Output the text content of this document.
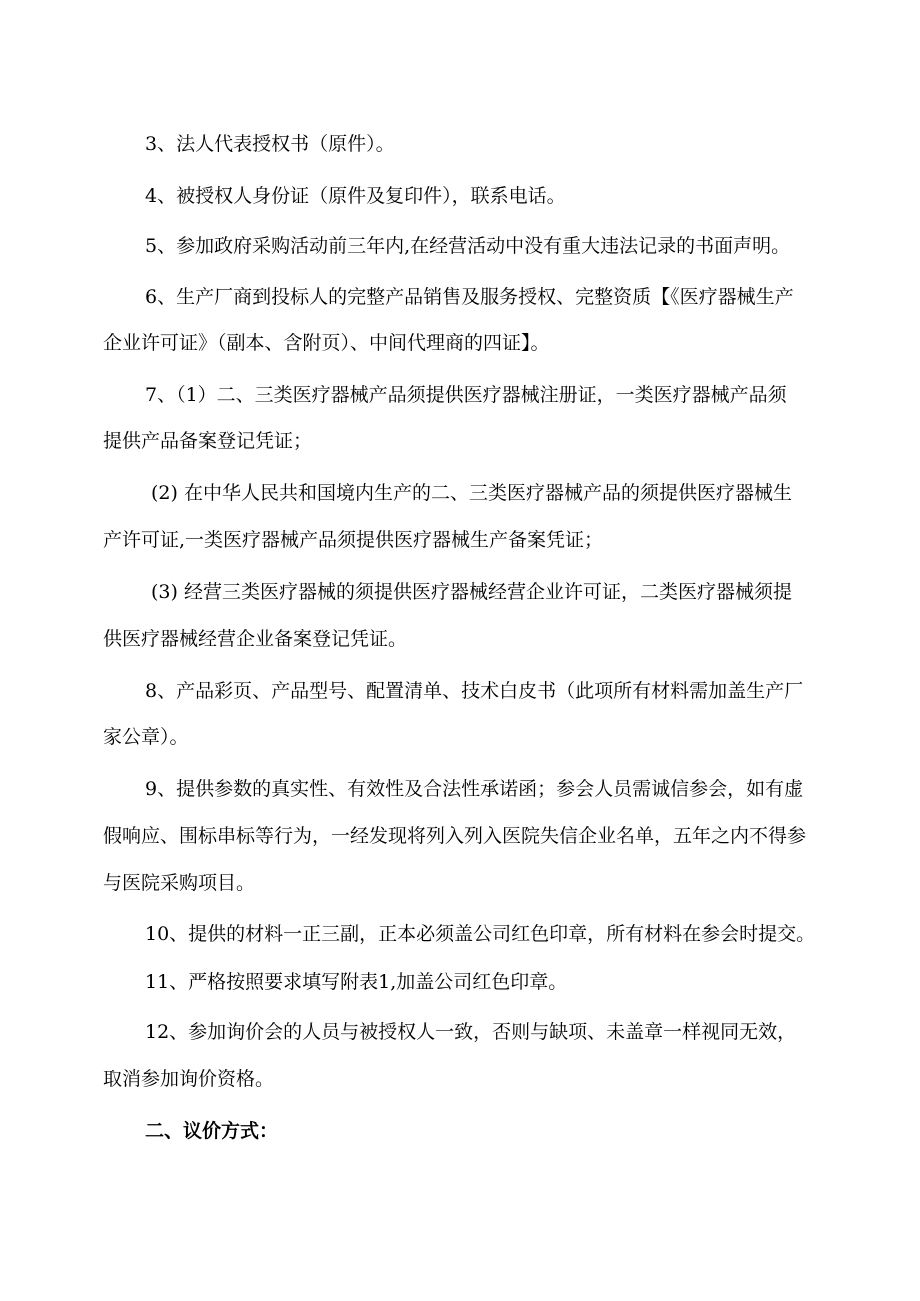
3、法人代表授权书（原件）。
4、被授权人身份证（原件及复印件），联系电话。
5、参加政府采购活动前三年内,在经营活动中没有重大违法记录的书面声明。
6、生产厂商到投标人的完整产品销售及服务授权、完整资质【《医疗器械生产
企业许可证》（副本、含附页）、中间代理商的四证】。
7、（1）二、三类医疗器械产品须提供医疗器械注册证，一类医疗器械产品须
提供产品备案登记凭证；
(2) 在中华人民共和国境内生产的二、三类医疗器械产品的须提供医疗器械生
产许可证,一类医疗器械产品须提供医疗器械生产备案凭证；
(3) 经营三类医疗器械的须提供医疗器械经营企业许可证，二类医疗器械须提
供医疗器械经营企业备案登记凭证。
8、产品彩页、产品型号、配置清单、技术白皮书（此项所有材料需加盖生产厂
家公章）。
9、提供参数的真实性、有效性及合法性承诺函；参会人员需诚信参会，如有虚
假响应、围标串标等行为，一经发现将列入列入医院失信企业名单，五年之内不得参
与医院采购项目。
10、提供的材料一正三副，正本必须盖公司红色印章，所有材料在参会时提交。
11、严格按照要求填写附表1,加盖公司红色印章。
12、参加询价会的人员与被授权人一致，否则与缺项、未盖章一样视同无效，
取消参加询价资格。
二、议价方式：
